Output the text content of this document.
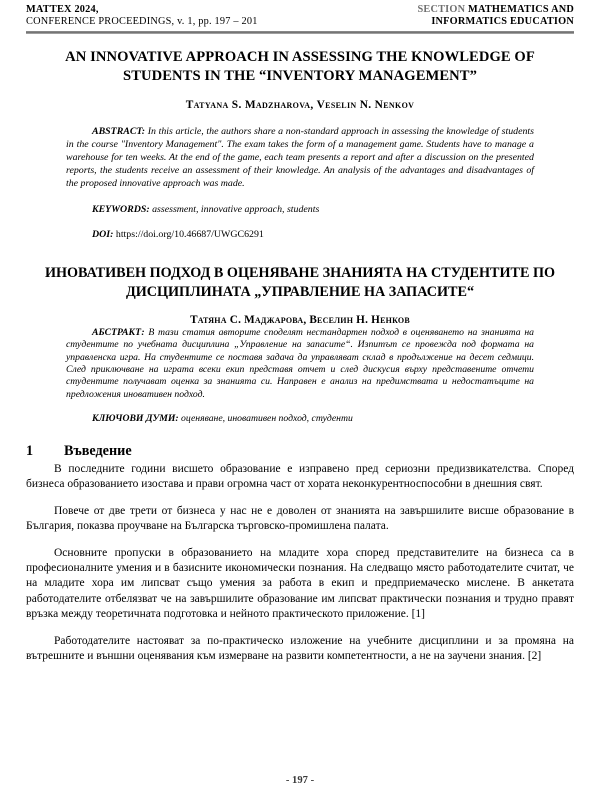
MATTEX 2024,
CONFERENCE PROCEEDINGS, v. 1, pp. 197 – 201
SECTION MATHEMATICS AND
INFORMATICS EDUCATION
AN INNOVATIVE APPROACH IN ASSESSING THE KNOWLEDGE OF STUDENTS IN THE “INVENTORY MANAGEMENT”
Tatyana S. Madzharova, Veselin N. Nenkov
ABSTRACT: In this article, the authors share a non-standard approach in assessing the knowledge of students in the course "Inventory Management". The exam takes the form of a management game. Students have to manage a warehouse for ten weeks. At the end of the game, each team presents a report and after a discussion on the presented reports, the students receive an assessment of their knowledge. An analysis of the advantages and disadvantages of the proposed innovative approach was made.
KEYWORDS: assessment, innovative approach, students
DOI: https://doi.org/10.46687/UWGC6291
ИНОВАТИВЕН ПОДХОД В ОЦЕНЯВАНЕ ЗНАНИЯТА НА СТУДЕНТИТЕ ПО ДИСЦИПЛИНАТА „УПРАВЛЕНИЕ НА ЗАПАСИТЕ“
Татяна С. Маджарова, Веселин Н. Ненков
АБСТРАКТ: В тази статия авторите споделят нестандартен подход в оценяването на знанията на студентите по учебната дисциплина „Управление на запасите“. Изпитът се провежда под формата на управленска игра. На студентите се поставя задача да управляват склад в продължение на десет седмици. След приключване на играта всеки екип представя отчет и след дискусия върху представените отчети студентите получават оценка за знанията си. Направен е анализ на предимствата и недостатъците на предложения иновативен подход.
КЛЮЧОВИ ДУМИ: оценяване, иновативен подход, студенти
1	Въведение

В последните години висшето образование е изправено пред сериозни предизвикателства. Според бизнеса образованието изостава и прави огромна част от хората неконкурентноспособни в днешния свят.

Повече от две трети от бизнеса у нас не е доволен от знанията на завършилите висше образование в България, показва проучване на Българска търговско-промишлена палата.

Основните пропуски в образованието на младите хора според представителите на бизнеса са в професионалните умения и в базисните икономически познания. На следващо място работодателите считат, че на младите хора им липсват също умения за работа в екип и предприемаческо мислене. В анкетата работодателите отбелязват че на завършилите образование им липсват практически познания и трудно правят връзка между теоретичната подготовка и нейното практическото приложение. [1]

Работодателите настояват за по-практическо изложение на учебните дисциплини и за промяна на вътрешните и външни оценявания към измерване на развити компетентности, а не на заучени знания. [2]

- 197 -
